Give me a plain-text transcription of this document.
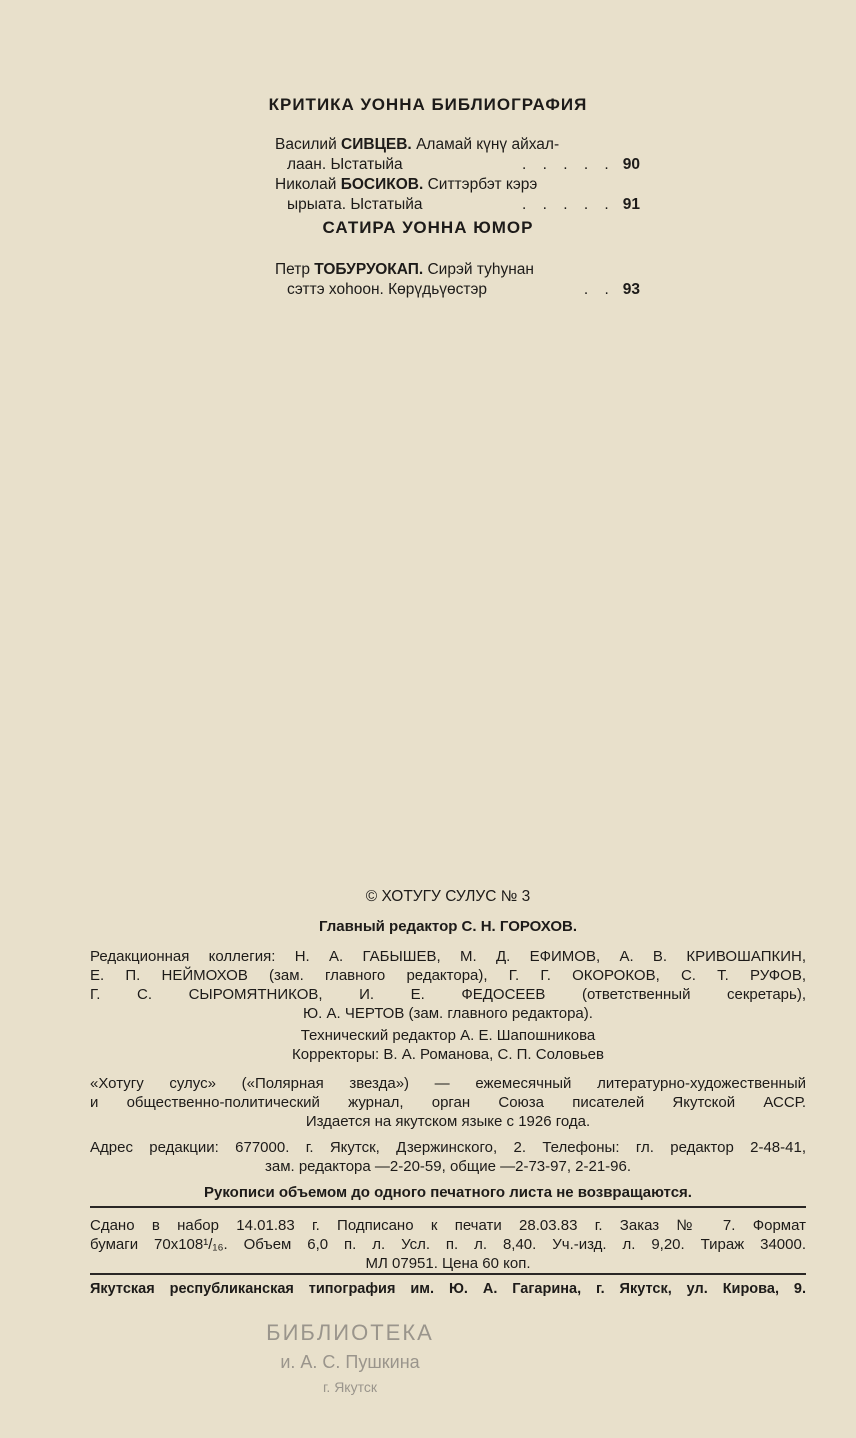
КРИТИКА УОННА БИБЛИОГРАФИЯ
Василий СИВЦЕВ. Аламай күнү айхал-
лаан. Ыстатыйа	. . . . . 90
Николай БОСИКОВ. Ситтэрбэт кэрэ
ырыата. Ыстатыйа	. . . . . 91
САТИРА УОННА ЮМОР
Петр ТОБУРУОКАП. Сирэй туһунан
сэттэ хоһоон. Көрүдьүөстэр	. . 93
© ХОТУГУ СУЛУС № 3
Главный редактор С. Н. ГОРОХОВ.
Редакционная коллегия: Н. А. ГАБЫШЕВ, М. Д. ЕФИМОВ, А. В. КРИВОШАПКИН,
Е. П. НЕЙМОХОВ (зам. главного редактора), Г. Г. ОКОРОКОВ, С. Т. РУФОВ,
Г. С. СЫРОМЯТНИКОВ, И. Е. ФЕДОСЕЕВ (ответственный секретарь),
Ю. А. ЧЕРТОВ (зам. главного редактора).
Технический редактор А. Е. Шапошникова
Корректоры: В. А. Романова, С. П. Соловьев
«Хотугу сулус» («Полярная звезда») — ежемесячный литературно-художественный
и общественно-политический журнал, орган Союза писателей Якутской АССР.
Издается на якутском языке с 1926 года.
Адрес редакции: 677000. г. Якутск, Дзержинского, 2. Телефоны: гл. редактор 2-48-41,
зам. редактора —2-20-59, общие —2-73-97, 2-21-96.
Рукописи объемом до одного печатного листа не возвращаются.
Сдано в набор 14.01.83 г. Подписано к печати 28.03.83 г. Заказ № 7. Формат
бумаги 70х108¹/₁₆. Объем 6,0 п. л. Усл. п. л. 8,40. Уч.-изд. л. 9,20. Тираж 34000.
МЛ 07951. Цена 60 коп.
Якутская республиканская типография им. Ю. А. Гагарина, г. Якутск, ул. Кирова, 9.
БИБЛИОТЕКА
и. А. С. Пушкина
г. Якутск
